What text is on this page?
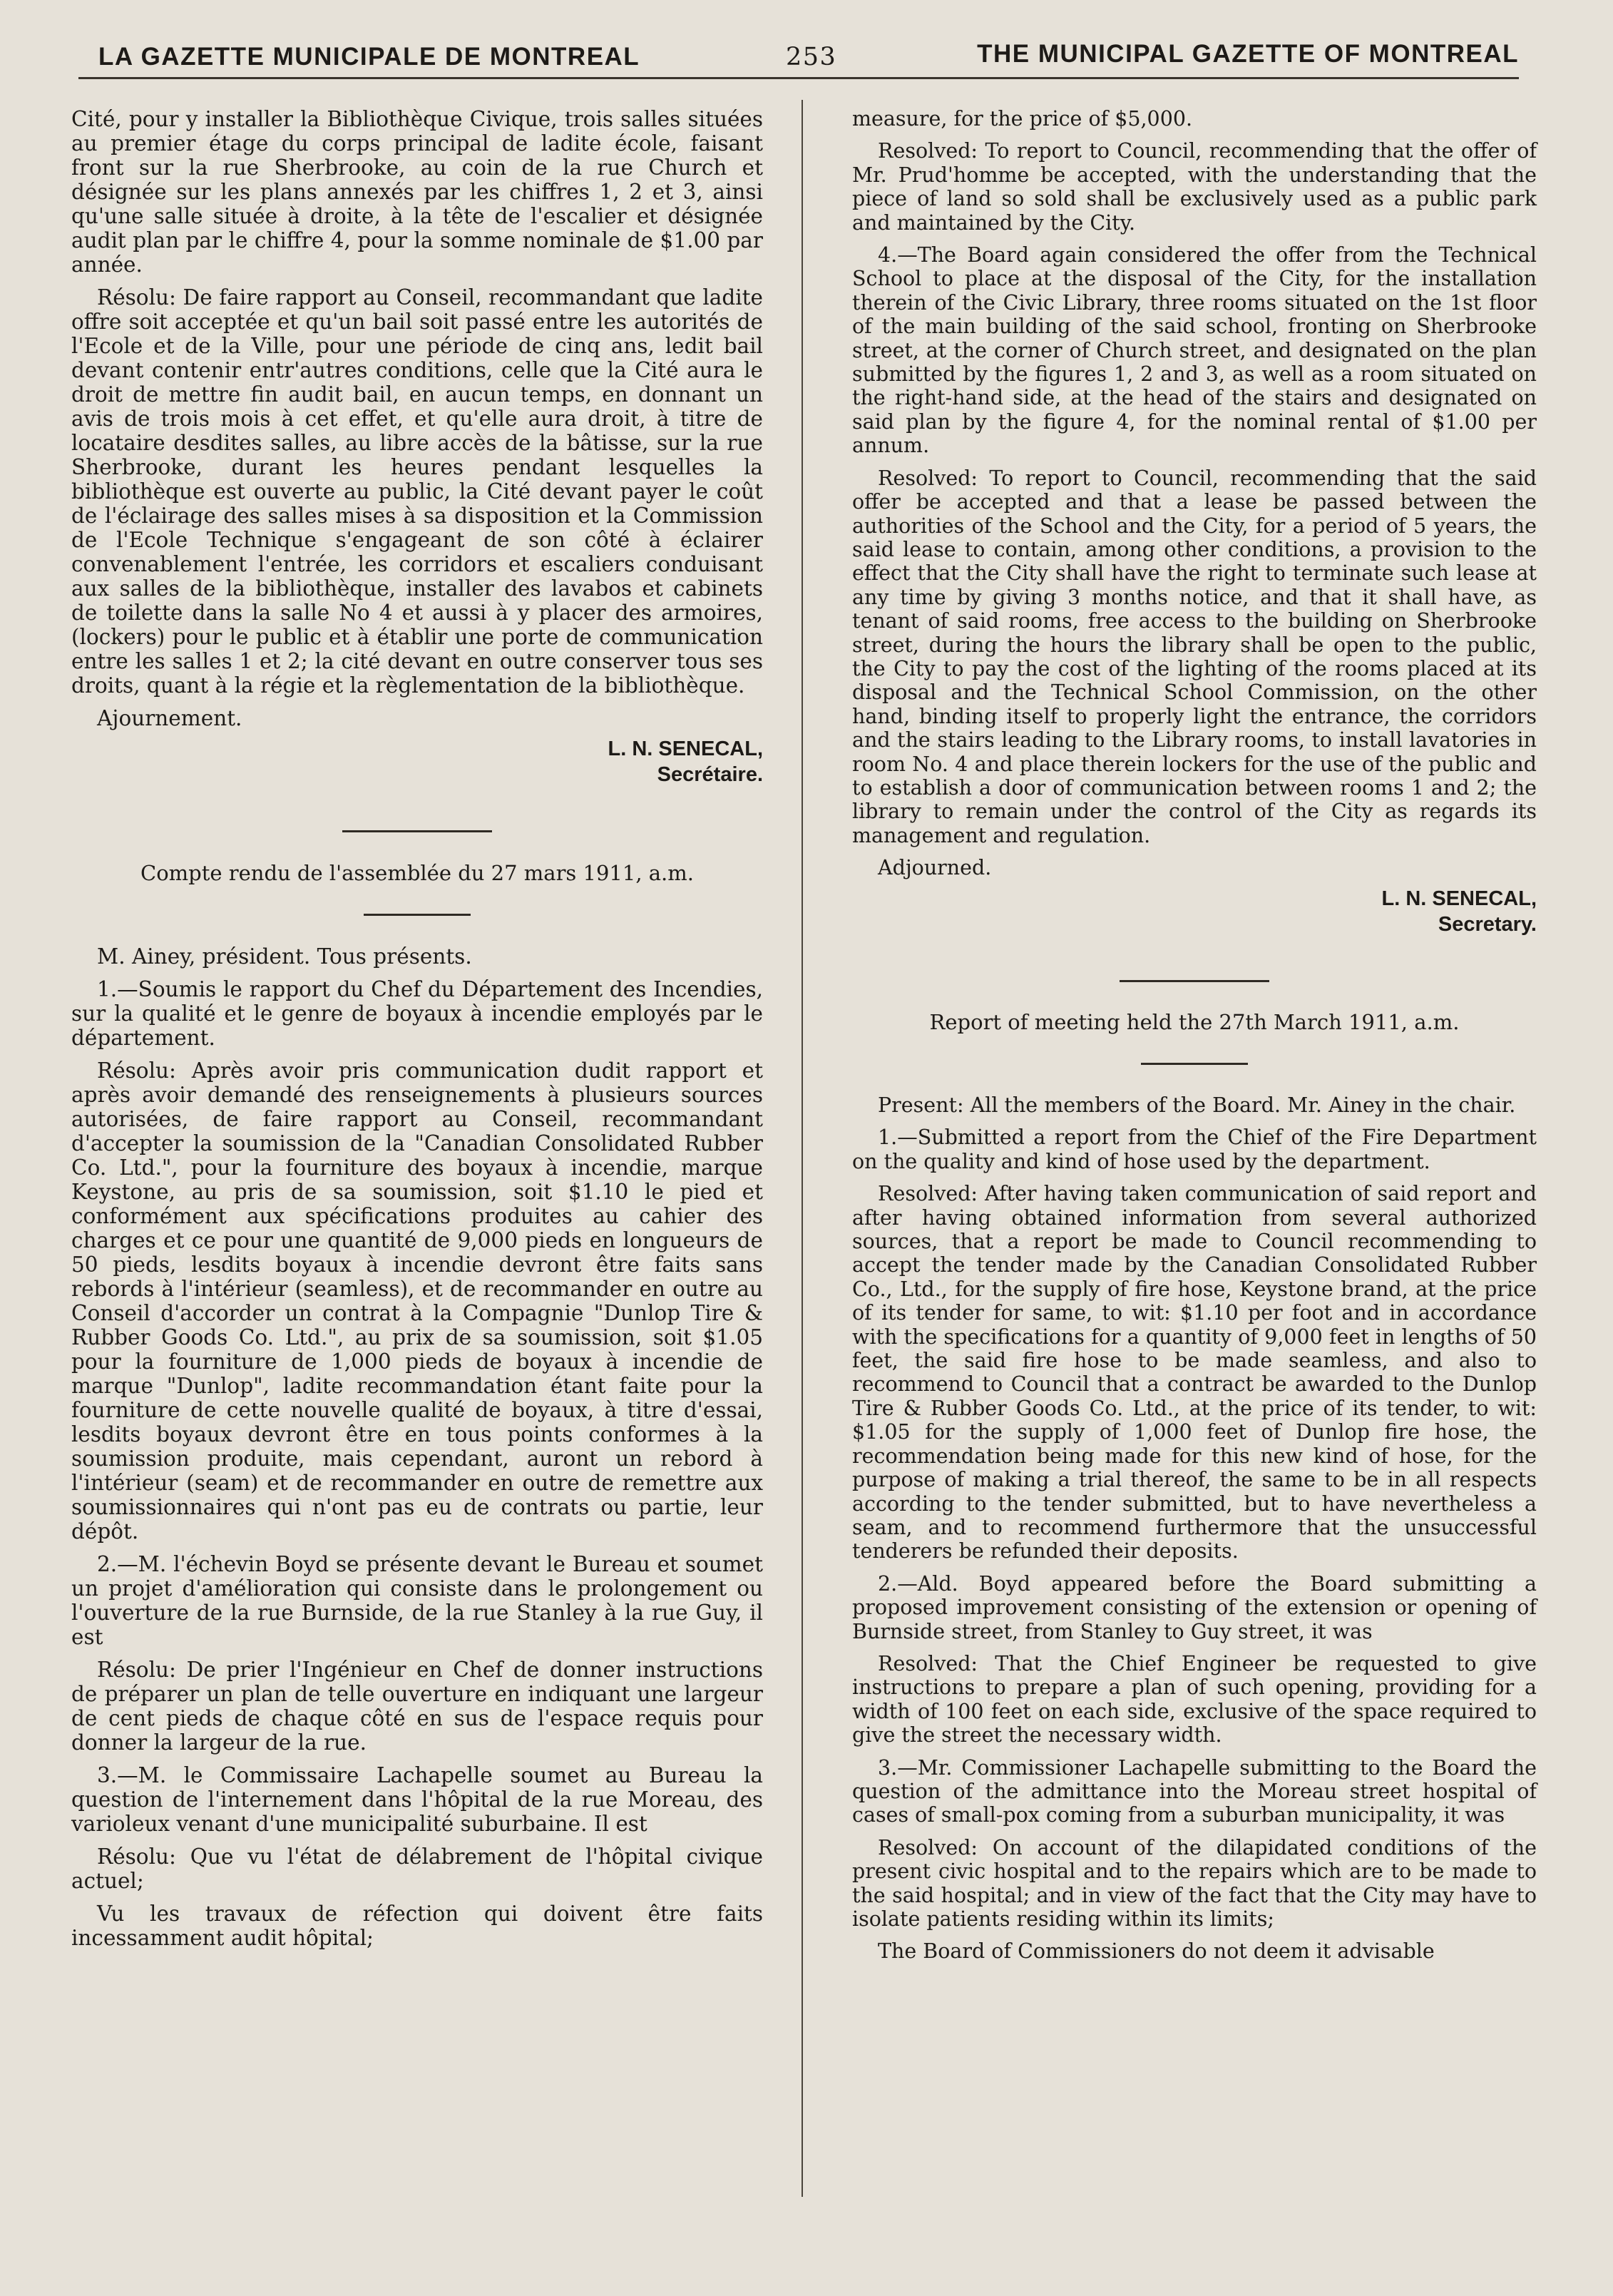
LA GAZETTE MUNICIPALE DE MONTREAL	253	THE MUNICIPAL GAZETTE OF MONTREAL

Cité, pour y installer la Bibliothèque Civique, trois salles situées au premier étage du corps principal de ladite école, faisant front sur la rue Sherbrooke, au coin de la rue Church et désignée sur les plans annexés par les chiffres 1, 2 et 3, ainsi qu'une salle située à droite, à la tête de l'escalier et désignée audit plan par le chiffre 4, pour la somme nominale de $1.00 par année.

Résolu: De faire rapport au Conseil, recommandant que ladite offre soit acceptée et qu'un bail soit passé entre les autorités de l'Ecole et de la Ville, pour une période de cinq ans, ledit bail devant contenir entr'autres conditions, celle que la Cité aura le droit de mettre fin audit bail, en aucun temps, en donnant un avis de trois mois à cet effet, et qu'elle aura droit, à titre de locataire desdites salles, au libre accès de la bâtisse, sur la rue Sherbrooke, durant les heures pendant lesquelles la bibliothèque est ouverte au public, la Cité devant payer le coût de l'éclairage des salles mises à sa disposition et la Commission de l'Ecole Technique s'engageant de son côté à éclairer convenablement l'entrée, les corridors et escaliers conduisant aux salles de la bibliothèque, installer des lavabos et cabinets de toilette dans la salle No 4 et aussi à y placer des armoires, (lockers) pour le public et à établir une porte de communication entre les salles 1 et 2; la cité devant en outre conserver tous ses droits, quant à la régie et la règlementation de la bibliothèque.

Ajournement.
L. N. SENECAL,
Secrétaire.
Compte rendu de l'assemblée du 27 mars 1911, a.m.

M. Ainey, président. Tous présents.

1.—Soumis le rapport du Chef du Département des Incendies, sur la qualité et le genre de boyaux à incendie employés par le département.

Résolu: Après avoir pris communication dudit rapport et après avoir demandé des renseignements à plusieurs sources autorisées, de faire rapport au Conseil, recommandant d'accepter la soumission de la "Canadian Consolidated Rubber Co. Ltd.", pour la fourniture des boyaux à incendie, marque Keystone, au pris de sa soumission, soit $1.10 le pied et conformément aux spécifications produites au cahier des charges et ce pour une quantité de 9,000 pieds en longueurs de 50 pieds, lesdits boyaux à incendie devront être faits sans rebords à l'intérieur (seamless), et de recommander en outre au Conseil d'accorder un contrat à la Compagnie "Dunlop Tire & Rubber Goods Co. Ltd.", au prix de sa soumission, soit $1.05 pour la fourniture de 1,000 pieds de boyaux à incendie de marque "Dunlop", ladite recommandation étant faite pour la fourniture de cette nouvelle qualité de boyaux, à titre d'essai, lesdits boyaux devront être en tous points conformes à la soumission produite, mais cependant, auront un rebord à l'intérieur (seam) et de recommander en outre de remettre aux soumissionnaires qui n'ont pas eu de contrats ou partie, leur dépôt.

2.—M. l'échevin Boyd se présente devant le Bureau et soumet un projet d'amélioration qui consiste dans le prolongement ou l'ouverture de la rue Burnside, de la rue Stanley à la rue Guy, il est

Résolu: De prier l'Ingénieur en Chef de donner instructions de préparer un plan de telle ouverture en indiquant une largeur de cent pieds de chaque côté en sus de l'espace requis pour donner la largeur de la rue.

3.—M. le Commissaire Lachapelle soumet au Bureau la question de l'internement dans l'hôpital de la rue Moreau, des varioleux venant d'une municipalité suburbaine. Il est

Résolu: Que vu l'état de délabrement de l'hôpital civique actuel;

Vu les travaux de réfection qui doivent être faits incessamment audit hôpital;

measure, for the price of $5,000.

Resolved: To report to Council, recommending that the offer of Mr. Prud'homme be accepted, with the understanding that the piece of land so sold shall be exclusively used as a public park and maintained by the City.

4.—The Board again considered the offer from the Technical School to place at the disposal of the City, for the installation therein of the Civic Library, three rooms situated on the 1st floor of the main building of the said school, fronting on Sherbrooke street, at the corner of Church street, and designated on the plan submitted by the figures 1, 2 and 3, as well as a room situated on the right-hand side, at the head of the stairs and designated on said plan by the figure 4, for the nominal rental of $1.00 per annum.

Resolved: To report to Council, recommending that the said offer be accepted and that a lease be passed between the authorities of the School and the City, for a period of 5 years, the said lease to contain, among other conditions, a provision to the effect that the City shall have the right to terminate such lease at any time by giving 3 months notice, and that it shall have, as tenant of said rooms, free access to the building on Sherbrooke street, during the hours the library shall be open to the public, the City to pay the cost of the lighting of the rooms placed at its disposal and the Technical School Commission, on the other hand, binding itself to properly light the entrance, the corridors and the stairs leading to the Library rooms, to install lavatories in room No. 4 and place therein lockers for the use of the public and to establish a door of communication between rooms 1 and 2; the library to remain under the control of the City as regards its management and regulation.

Adjourned.
L. N. SENECAL,
Secretary.
Report of meeting held the 27th March 1911, a.m.

Present: All the members of the Board. Mr. Ainey in the chair.

1.—Submitted a report from the Chief of the Fire Department on the quality and kind of hose used by the department.

Resolved: After having taken communication of said report and after having obtained information from several authorized sources, that a report be made to Council recommending to accept the tender made by the Canadian Consolidated Rubber Co., Ltd., for the supply of fire hose, Keystone brand, at the price of its tender for same, to wit: $1.10 per foot and in accordance with the specifications for a quantity of 9,000 feet in lengths of 50 feet, the said fire hose to be made seamless, and also to recommend to Council that a contract be awarded to the Dunlop Tire & Rubber Goods Co. Ltd., at the price of its tender, to wit: $1.05 for the supply of 1,000 feet of Dunlop fire hose, the recommendation being made for this new kind of hose, for the purpose of making a trial thereof, the same to be in all respects according to the tender submitted, but to have nevertheless a seam, and to recommend furthermore that the unsuccessful tenderers be refunded their deposits.

2.—Ald. Boyd appeared before the Board submitting a proposed improvement consisting of the extension or opening of Burnside street, from Stanley to Guy street, it was

Resolved: That the Chief Engineer be requested to give instructions to prepare a plan of such opening, providing for a width of 100 feet on each side, exclusive of the space required to give the street the necessary width.

3.—Mr. Commissioner Lachapelle submitting to the Board the question of the admittance into the Moreau street hospital of cases of small-pox coming from a suburban municipality, it was

Resolved: On account of the dilapidated conditions of the present civic hospital and to the repairs which are to be made to the said hospital; and in view of the fact that the City may have to isolate patients residing within its limits;

The Board of Commissioners do not deem it advisable
